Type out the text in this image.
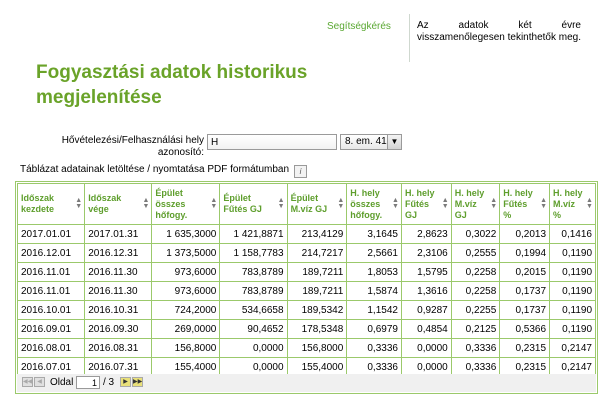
Segítségkérés	Az adatok két évre visszamenőlegesen tekinthetők meg.
Fogyasztási adatok historikus megjelenítése
Hővételezési/Felhasználási hely azonosító:
H
8. em. 41 ▼
Táblázat adatainak letöltése / nyomtatása PDF formátumban i
Időszak kezdete
▲
▼	Időszak vége
▲
▼	Épület összes hőfogy.
▲
▼	Épület Fűtés GJ
▲
▼	Épület M.víz GJ
▲
▼	H. hely összes hőfogy.
▲
▼	H. hely Fűtés GJ
▲
▼	H. hely M.víz GJ
▲
▼	H. hely Fűtés %
▲
▼	H. hely M.víz %
▲
▼

2017.01.01	2017.01.31	1 635,3000	1 421,8871	213,4129	3,1645	2,8623	0,3022	0,2013	0,1416
2016.12.01	2016.12.31	1 373,5000	1 158,7783	214,7217	2,5661	2,3106	0,2555	0,1994	0,1190
2016.11.01	2016.11.30	973,6000	783,8789	189,7211	1,8053	1,5795	0,2258	0,2015	0,1190
2016.11.01	2016.11.30	973,6000	783,8789	189,7211	1,5874	1,3616	0,2258	0,1737	0,1190
2016.10.01	2016.10.31	724,2000	534,6658	189,5342	1,1542	0,9287	0,2255	0,1737	0,1190
2016.09.01	2016.09.30	269,0000	90,4652	178,5348	0,6979	0,4854	0,2125	0,5366	0,1190
2016.08.01	2016.08.31	156,8000	0,0000	156,8000	0,3336	0,0000	0,3336	0,2315	0,2147
2016.07.01	2016.07.31	155,4000	0,0000	155,4000	0,3336	0,0000	0,3336	0,2315	0,2147
◀◀ ◀ Oldal
1	/ 3	▶ ▶▶
